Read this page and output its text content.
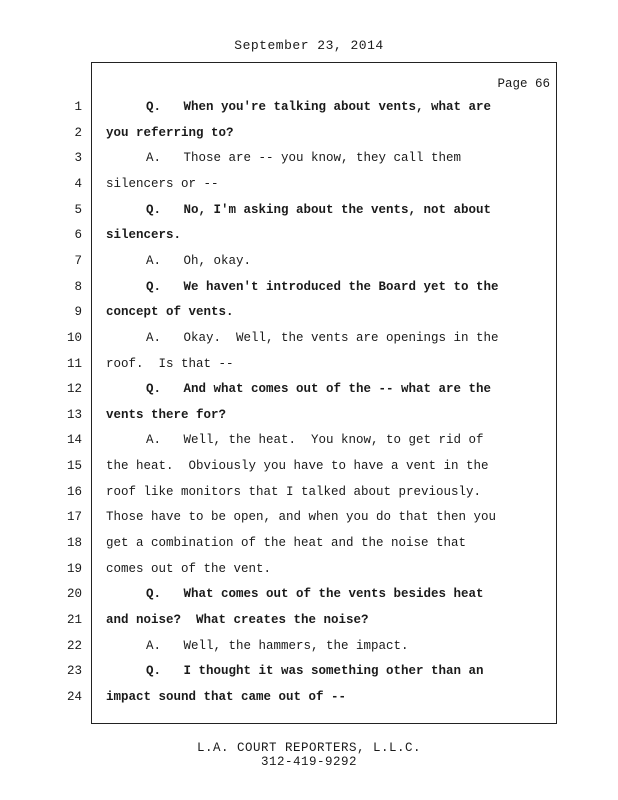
September 23, 2014
Page 66
1	Q.   When you're talking about vents, what are
2 you referring to?
3	A.   Those are -- you know, they call them
4 silencers or --
5	Q.   No, I'm asking about the vents, not about
6 silencers.
7	A.   Oh, okay.
8	Q.   We haven't introduced the Board yet to the
9 concept of vents.
10	A.   Okay.  Well, the vents are openings in the
11 roof.  Is that --
12	Q.   And what comes out of the -- what are the
13 vents there for?
14	A.   Well, the heat.  You know, to get rid of
15 the heat.  Obviously you have to have a vent in the
16 roof like monitors that I talked about previously.
17 Those have to be open, and when you do that then you
18 get a combination of the heat and the noise that
19 comes out of the vent.
20	Q.   What comes out of the vents besides heat
21 and noise?  What creates the noise?
22	A.   Well, the hammers, the impact.
23	Q.   I thought it was something other than an
24 impact sound that came out of --
L.A. COURT REPORTERS, L.L.C.
312-419-9292
